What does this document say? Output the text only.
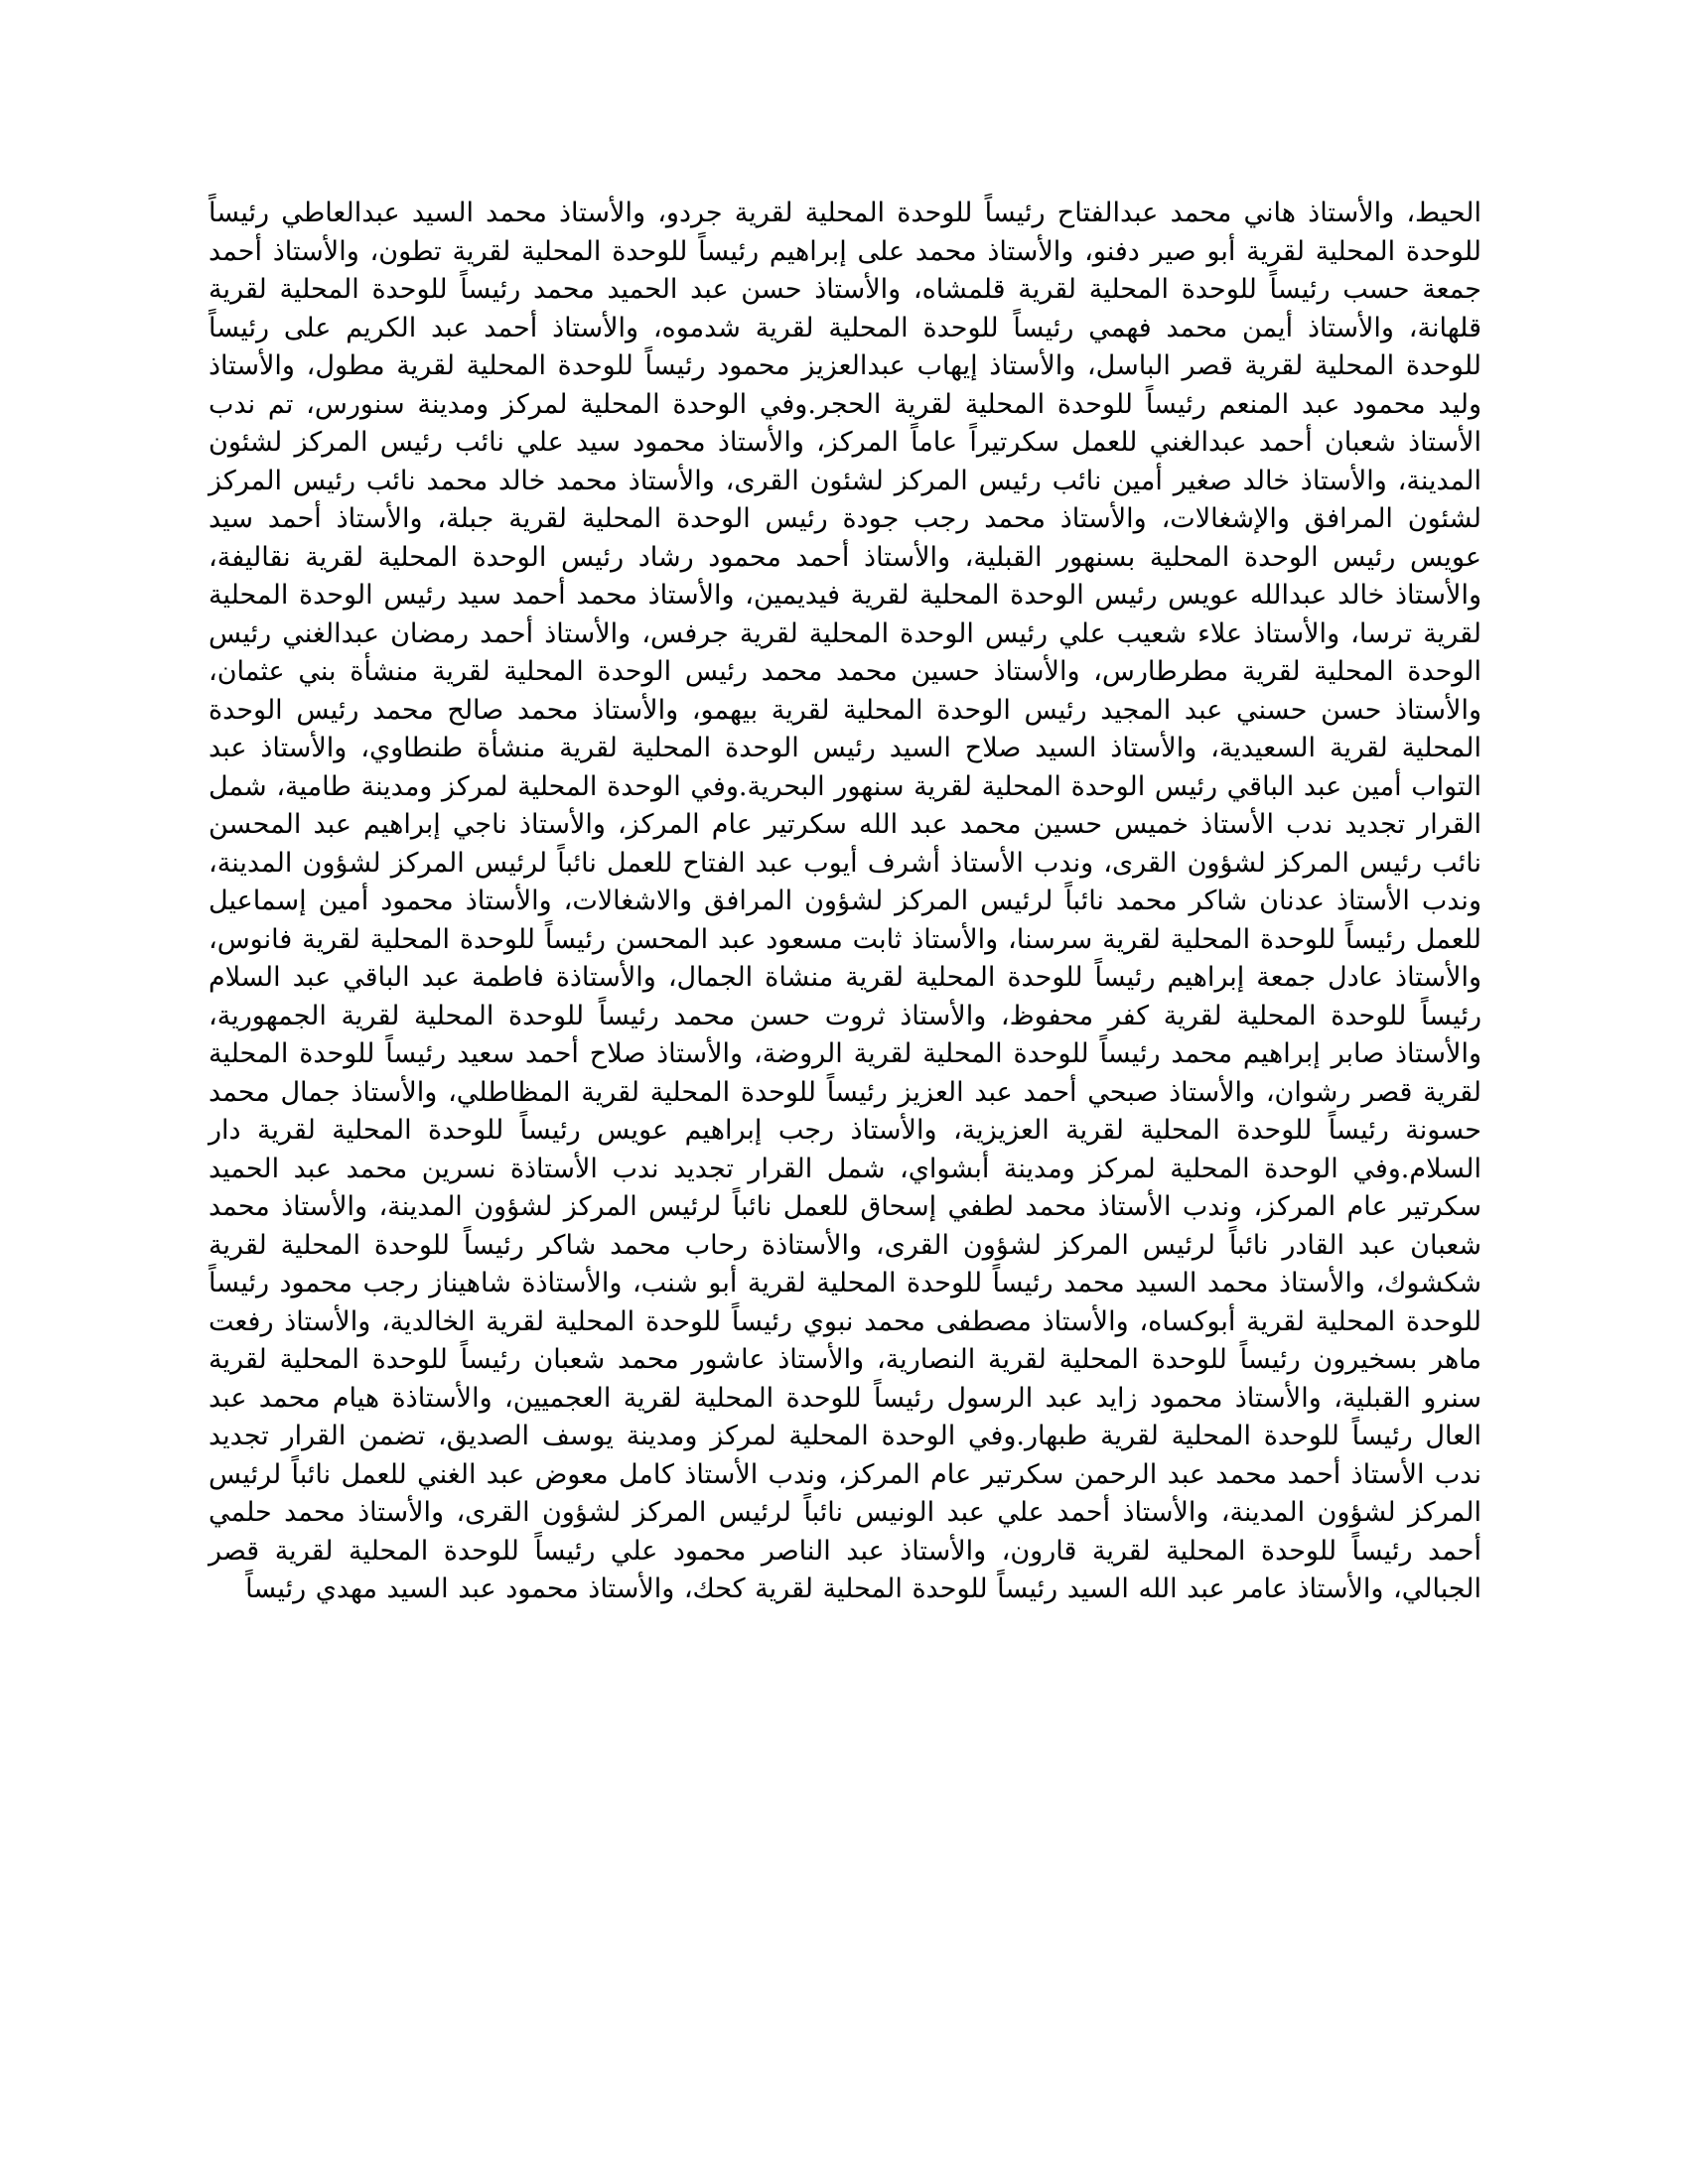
الحيط، والأستاذ هاني محمد عبدالفتاح رئيساً للوحدة المحلية لقرية جردو، والأستاذ محمد السيد عبدالعاطي رئيساً للوحدة المحلية لقرية أبو صير دفنو، والأستاذ محمد على إبراهيم رئيساً للوحدة المحلية لقرية تطون، والأستاذ أحمد جمعة حسب رئيساً للوحدة المحلية لقرية قلمشاه، والأستاذ حسن عبد الحميد محمد رئيساً للوحدة المحلية لقرية قلهانة، والأستاذ أيمن محمد فهمي رئيساً للوحدة المحلية لقرية شدموه، والأستاذ أحمد عبد الكريم على رئيساً للوحدة المحلية لقرية قصر الباسل، والأستاذ إيهاب عبدالعزيز محمود رئيساً للوحدة المحلية لقرية مطول، والأستاذ وليد محمود عبد المنعم رئيساً للوحدة المحلية لقرية الحجر.وفي الوحدة المحلية لمركز ومدينة سنورس، تم ندب الأستاذ شعبان أحمد عبدالغني للعمل سكرتيراً عاماً المركز، والأستاذ محمود سيد علي نائب رئيس المركز لشئون المدينة، والأستاذ خالد صغير أمين نائب رئيس المركز لشئون القرى، والأستاذ محمد خالد محمد نائب رئيس المركز لشئون المرافق والإشغالات، والأستاذ محمد رجب جودة رئيس الوحدة المحلية لقرية جبلة، والأستاذ أحمد سيد عويس رئيس الوحدة المحلية بسنهور القبلية، والأستاذ أحمد محمود رشاد رئيس الوحدة المحلية لقرية نقاليفة، والأستاذ خالد عبدالله عويس رئيس الوحدة المحلية لقرية فيديمين، والأستاذ محمد أحمد سيد رئيس الوحدة المحلية لقرية ترسا، والأستاذ علاء شعيب علي رئيس الوحدة المحلية لقرية جرفس، والأستاذ أحمد رمضان عبدالغني رئيس الوحدة المحلية لقرية مطرطارس، والأستاذ حسين محمد محمد رئيس الوحدة المحلية لقرية منشأة بني عثمان، والأستاذ حسن حسني عبد المجيد رئيس الوحدة المحلية لقرية بيهمو، والأستاذ محمد صالح محمد رئيس الوحدة المحلية لقرية السعيدية، والأستاذ السيد صلاح السيد رئيس الوحدة المحلية لقرية منشأة طنطاوي، والأستاذ عبد التواب أمين عبد الباقي رئيس الوحدة المحلية لقرية سنهور البحرية.وفي الوحدة المحلية لمركز ومدينة طامية، شمل القرار تجديد ندب الأستاذ خميس حسين محمد عبد الله سكرتير عام المركز، والأستاذ ناجي إبراهيم عبد المحسن نائب رئيس المركز لشؤون القرى، وندب الأستاذ أشرف أيوب عبد الفتاح للعمل نائباً لرئيس المركز لشؤون المدينة، وندب الأستاذ عدنان شاكر محمد نائباً لرئيس المركز لشؤون المرافق والاشغالات، والأستاذ محمود أمين إسماعيل للعمل رئيساً للوحدة المحلية لقرية سرسنا، والأستاذ ثابت مسعود عبد المحسن رئيساً للوحدة المحلية لقرية فانوس، والأستاذ عادل جمعة إبراهيم رئيساً للوحدة المحلية لقرية منشاة الجمال، والأستاذة فاطمة عبد الباقي عبد السلام رئيساً للوحدة المحلية لقرية كفر محفوظ، والأستاذ ثروت حسن محمد رئيساً للوحدة المحلية لقرية الجمهورية، والأستاذ صابر إبراهيم محمد رئيساً للوحدة المحلية لقرية الروضة، والأستاذ صلاح أحمد سعيد رئيساً للوحدة المحلية لقرية قصر رشوان، والأستاذ صبحي أحمد عبد العزيز رئيساً للوحدة المحلية لقرية المظاطلي، والأستاذ جمال محمد حسونة رئيساً للوحدة المحلية لقرية العزيزية، والأستاذ رجب إبراهيم عويس رئيساً للوحدة المحلية لقرية دار السلام.وفي الوحدة المحلية لمركز ومدينة أبشواي، شمل القرار تجديد ندب الأستاذة نسرين محمد عبد الحميد سكرتير عام المركز، وندب الأستاذ محمد لطفي إسحاق للعمل نائباً لرئيس المركز لشؤون المدينة، والأستاذ محمد شعبان عبد القادر نائباً لرئيس المركز لشؤون القرى، والأستاذة رحاب محمد شاكر رئيساً للوحدة المحلية لقرية شكشوك، والأستاذ محمد السيد محمد رئيساً للوحدة المحلية لقرية أبو شنب، والأستاذة شاهيناز رجب محمود رئيساً للوحدة المحلية لقرية أبوكساه، والأستاذ مصطفى محمد نبوي رئيساً للوحدة المحلية لقرية الخالدية، والأستاذ رفعت ماهر بسخيرون رئيساً للوحدة المحلية لقرية النصارية، والأستاذ عاشور محمد شعبان رئيساً للوحدة المحلية لقرية سنرو القبلية، والأستاذ محمود زايد عبد الرسول رئيساً للوحدة المحلية لقرية العجميين، والأستاذة هيام محمد عبد العال رئيساً للوحدة المحلية لقرية طبهار.وفي الوحدة المحلية لمركز ومدينة يوسف الصديق، تضمن القرار تجديد ندب الأستاذ أحمد محمد عبد الرحمن سكرتير عام المركز، وندب الأستاذ كامل معوض عبد الغني للعمل نائباً لرئيس المركز لشؤون المدينة، والأستاذ أحمد علي عبد الونيس نائباً لرئيس المركز لشؤون القرى، والأستاذ محمد حلمي أحمد رئيساً للوحدة المحلية لقرية قارون، والأستاذ عبد الناصر محمود علي رئيساً للوحدة المحلية لقرية قصر الجبالي، والأستاذ عامر عبد الله السيد رئيساً للوحدة المحلية لقرية كحك، والأستاذ محمود عبد السيد مهدي رئيساً
